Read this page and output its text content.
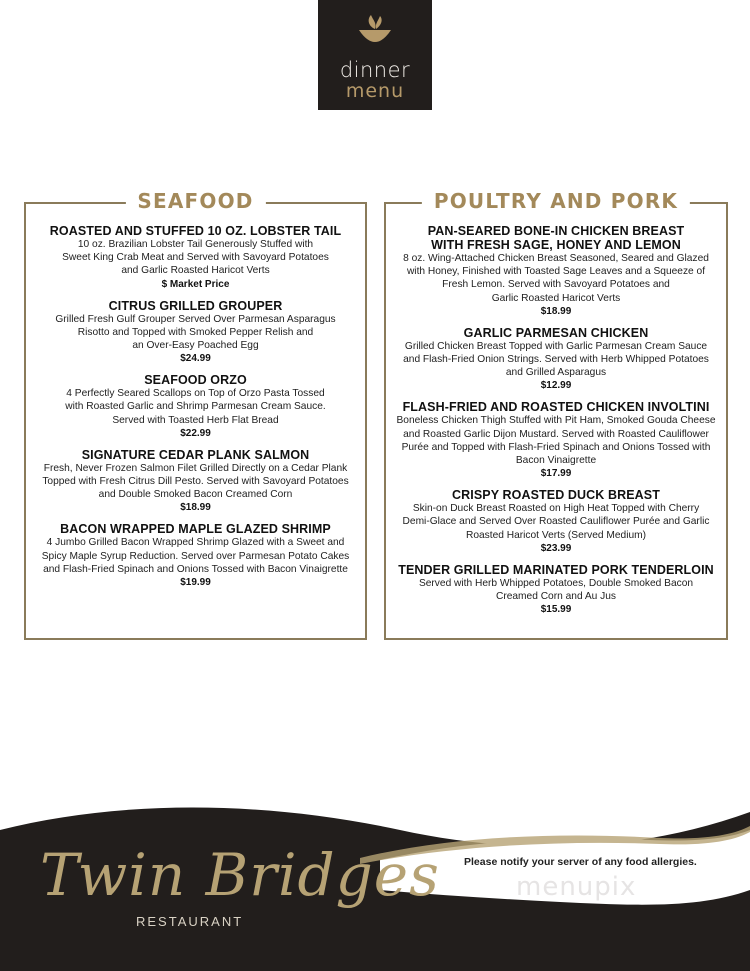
dinner
menu
SEAFOOD
ROASTED AND STUFFED 10 OZ. LOBSTER TAIL
10 oz. Brazilian Lobster Tail Generously Stuffed with
Sweet King Crab Meat and Served with Savoyard Potatoes
and Garlic Roasted Haricot Verts
$ Market Price
CITRUS GRILLED GROUPER
Grilled Fresh Gulf Grouper Served Over Parmesan Asparagus
Risotto and Topped with Smoked Pepper Relish and
an Over-Easy Poached Egg
$24.99
SEAFOOD ORZO
4 Perfectly Seared Scallops on Top of Orzo Pasta Tossed
with Roasted Garlic and Shrimp Parmesan Cream Sauce.
Served with Toasted Herb Flat Bread
$22.99
SIGNATURE CEDAR PLANK SALMON
Fresh, Never Frozen Salmon Filet Grilled Directly on a Cedar Plank
Topped with Fresh Citrus Dill Pesto. Served with Savoyard Potatoes
and Double Smoked Bacon Creamed Corn
$18.99
BACON WRAPPED MAPLE GLAZED SHRIMP
4 Jumbo Grilled Bacon Wrapped Shrimp Glazed with a Sweet and
Spicy Maple Syrup Reduction. Served over Parmesan Potato Cakes
and Flash-Fried Spinach and Onions Tossed with Bacon Vinaigrette
$19.99
POULTRY AND PORK
PAN-SEARED BONE-IN CHICKEN BREAST WITH FRESH SAGE, HONEY AND LEMON
8 oz. Wing-Attached Chicken Breast Seasoned, Seared and Glazed
with Honey, Finished with Toasted Sage Leaves and a Squeeze of
Fresh Lemon. Served with Savoyard Potatoes and
Garlic Roasted Haricot Verts
$18.99
GARLIC PARMESAN CHICKEN
Grilled Chicken Breast Topped with Garlic Parmesan Cream Sauce
and Flash-Fried Onion Strings. Served with Herb Whipped Potatoes
and Grilled Asparagus
$12.99
FLASH-FRIED AND ROASTED CHICKEN INVOLTINI
Boneless Chicken Thigh Stuffed with Pit Ham, Smoked Gouda Cheese
and Roasted Garlic Dijon Mustard. Served with Roasted Cauliflower
Purée and Topped with Flash-Fried Spinach and Onions Tossed with
Bacon Vinaigrette
$17.99
CRISPY ROASTED DUCK BREAST
Skin-on Duck Breast Roasted on High Heat Topped with Cherry
Demi-Glace and Served Over Roasted Cauliflower Purée and Garlic
Roasted Haricot Verts (Served Medium)
$23.99
TENDER GRILLED MARINATED PORK TENDERLOIN
Served with Herb Whipped Potatoes, Double Smoked Bacon
Creamed Corn and Au Jus
$15.99
Twin Bridges
RESTAURANT
Please notify your server of any food allergies.
menupix
